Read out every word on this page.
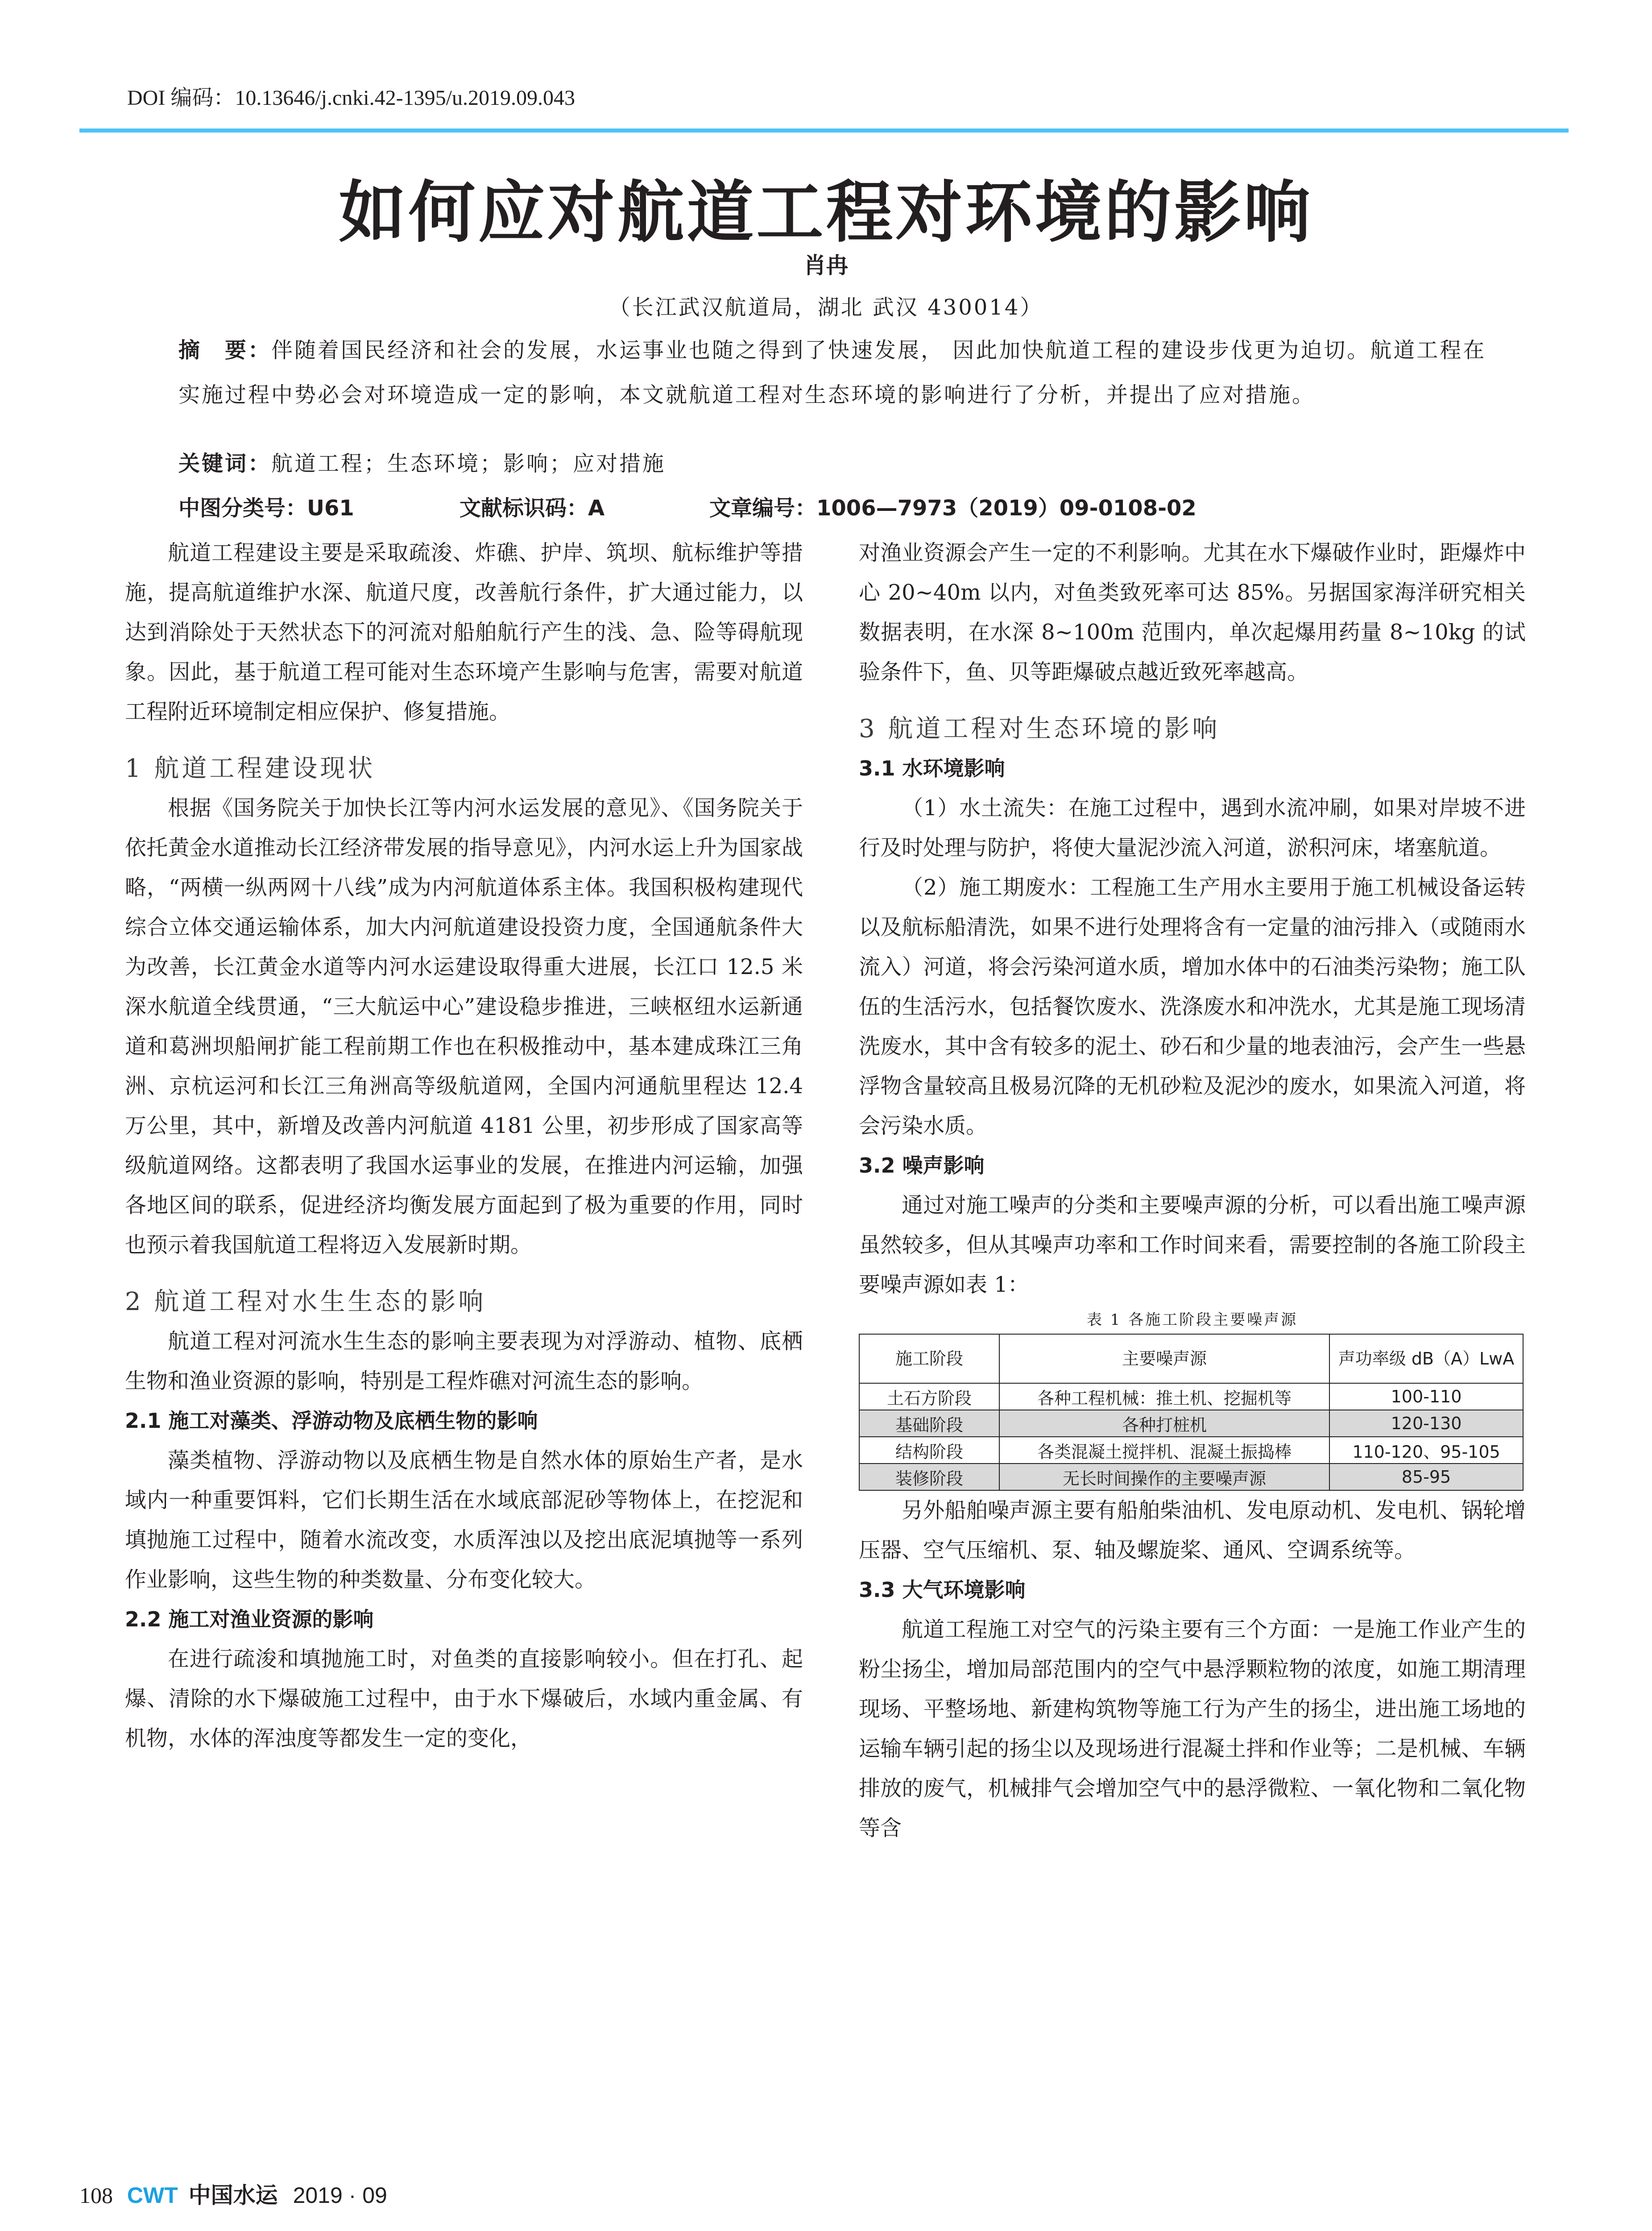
DOI 编码：10.13646/j.cnki.42-1395/u.2019.09.043
如何应对航道工程对环境的影响
肖冉
（长江武汉航道局，湖北 武汉 430014）
摘　要：伴随着国民经济和社会的发展，水运事业也随之得到了快速发展， 因此加快航道工程的建设步伐更为迫切。航道工程在实施过程中势必会对环境造成一定的影响，本文就航道工程对生态环境的影响进行了分析，并提出了应对措施。
关键词：航道工程；生态环境；影响；应对措施
中图分类号：U61	文献标识码：A	文章编号：1006—7973（2019）09-0108-02

航道工程建设主要是采取疏浚、炸礁、护岸、筑坝、航标维护等措施，提高航道维护水深、航道尺度，改善航行条件，扩大通过能力，以达到消除处于天然状态下的河流对船舶航行产生的浅、急、险等碍航现象。因此，基于航道工程可能对生态环境产生影响与危害，需要对航道工程附近环境制定相应保护、修复措施。

1 航道工程建设现状

根据《国务院关于加快长江等内河水运发展的意见》、《国务院关于依托黄金水道推动长江经济带发展的指导意见》，内河水运上升为国家战略，“两横一纵两网十八线”成为内河航道体系主体。我国积极构建现代综合立体交通运输体系，加大内河航道建设投资力度，全国通航条件大为改善，长江黄金水道等内河水运建设取得重大进展，长江口 12.5 米深水航道全线贯通，“三大航运中心”建设稳步推进，三峡枢纽水运新通道和葛洲坝船闸扩能工程前期工作也在积极推动中，基本建成珠江三角洲、京杭运河和长江三角洲高等级航道网，全国内河通航里程达 12.4 万公里，其中，新增及改善内河航道 4181 公里，初步形成了国家高等级航道网络。这都表明了我国水运事业的发展，在推进内河运输，加强各地区间的联系，促进经济均衡发展方面起到了极为重要的作用，同时也预示着我国航道工程将迈入发展新时期。

2 航道工程对水生生态的影响

航道工程对河流水生生态的影响主要表现为对浮游动、植物、底栖生物和渔业资源的影响，特别是工程炸礁对河流生态的影响。

2.1 施工对藻类、浮游动物及底栖生物的影响

藻类植物、浮游动物以及底栖生物是自然水体的原始生产者，是水域内一种重要饵料，它们长期生活在水域底部泥砂等物体上，在挖泥和填抛施工过程中，随着水流改变，水质浑浊以及挖出底泥填抛等一系列作业影响，这些生物的种类数量、分布变化较大。

2.2 施工对渔业资源的影响

在进行疏浚和填抛施工时，对鱼类的直接影响较小。但在打孔、起爆、清除的水下爆破施工过程中，由于水下爆破后，水域内重金属、有机物，水体的浑浊度等都发生一定的变化，

对渔业资源会产生一定的不利影响。尤其在水下爆破作业时，距爆炸中心 20~40m 以内，对鱼类致死率可达 85%。另据国家海洋研究相关数据表明，在水深 8~100m 范围内，单次起爆用药量 8~10kg 的试验条件下，鱼、贝等距爆破点越近致死率越高。

3 航道工程对生态环境的影响
3.1 水环境影响

（1）水土流失：在施工过程中，遇到水流冲刷，如果对岸坡不进行及时处理与防护，将使大量泥沙流入河道，淤积河床，堵塞航道。

（2）施工期废水：工程施工生产用水主要用于施工机械设备运转以及航标船清洗，如果不进行处理将含有一定量的油污排入（或随雨水流入）河道，将会污染河道水质，增加水体中的石油类污染物；施工队伍的生活污水，包括餐饮废水、洗涤废水和冲洗水，尤其是施工现场清洗废水，其中含有较多的泥土、砂石和少量的地表油污，会产生一些悬浮物含量较高且极易沉降的无机砂粒及泥沙的废水，如果流入河道，将会污染水质。

3.2 噪声影响

通过对施工噪声的分类和主要噪声源的分析，可以看出施工噪声源虽然较多，但从其噪声功率和工作时间来看，需要控制的各施工阶段主要噪声源如表 1：

表 1 各施工阶段主要噪声源
施工阶段	主要噪声源	声功率级 dB（A）LwA
土石方阶段	各种工程机械：推土机、挖掘机等	100-110
基础阶段	各种打桩机	120-130
结构阶段	各类混凝土搅拌机、混凝土振捣棒	110-120、95-105
装修阶段	无长时间操作的主要噪声源	85-95

另外船舶噪声源主要有船舶柴油机、发电原动机、发电机、锅轮增压器、空气压缩机、泵、轴及螺旋桨、通风、空调系统等。

3.3 大气环境影响

航道工程施工对空气的污染主要有三个方面：一是施工作业产生的粉尘扬尘，增加局部范围内的空气中悬浮颗粒物的浓度，如施工期清理现场、平整场地、新建构筑物等施工行为产生的扬尘，进出施工场地的运输车辆引起的扬尘以及现场进行混凝土拌和作业等；二是机械、车辆排放的废气，机械排气会增加空气中的悬浮微粒、一氧化物和二氧化物等含

108 CWT 中国水运 2019 · 09
